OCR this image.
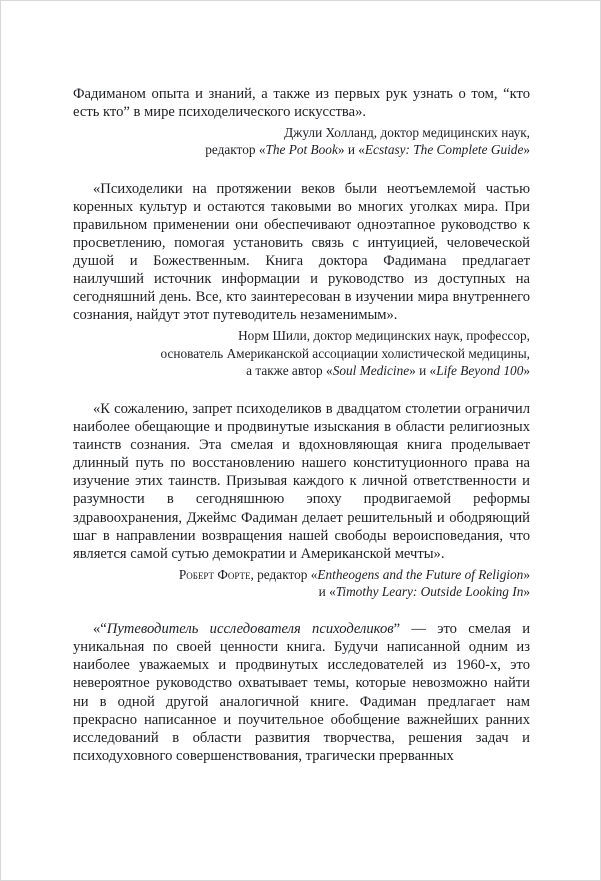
Фадиманом опыта и знаний, а также из первых рук узнать о том, “кто есть кто” в мире психоделического искусства».

Джули Холланд, доктор медицинских наук,
редактор «The Pot Book» и «Ecstasy: The Complete Guide»

«Психоделики на протяжении веков были неотъемлемой частью коренных культур и остаются таковыми во многих уголках мира. При правильном применении они обеспечивают одноэтапное руководство к просветлению, помогая установить связь с интуицией, человеческой душой и Божественным. Книга доктора Фадимана предлагает наилучший источник информации и руководство из доступных на сегодняшний день. Все, кто заинтересован в изучении мира внутреннего сознания, найдут этот путеводитель незаменимым».

Норм Шили, доктор медицинских наук, профессор,
основатель Американской ассоциации холистической медицины,
а также автор «Soul Medicine» и «Life Beyond 100»

«К сожалению, запрет психоделиков в двадцатом столетии ограничил наиболее обещающие и продвинутые изыскания в области религиозных таинств сознания. Эта смелая и вдохновляющая книга проделывает длинный путь по восстановлению нашего конституционного права на изучение этих таинств. Призывая каждого к личной ответственности и разумности в сегодняшнюю эпоху продвигаемой реформы здравоохранения, Джеймс Фадиман делает решительный и ободряющий шаг в направлении возвращения нашей свободы вероисповедания, что является самой сутью демократии и Американской мечты».

Роберт Форте, редактор «Entheogens and the Future of Religion»
и «Timothy Leary: Outside Looking In»

«“Путеводитель исследователя психоделиков” — это смелая и уникальная по своей ценности книга. Будучи написанной одним из наиболее уважаемых и продвинутых исследователей из 1960-х, это невероятное руководство охватывает темы, которые невозможно найти ни в одной другой аналогичной книге. Фадиман предлагает нам прекрасно написанное и поучительное обобщение важнейших ранних исследований в области развития творчества, решения задач и психодуховного совершенствования, трагически прерванных
